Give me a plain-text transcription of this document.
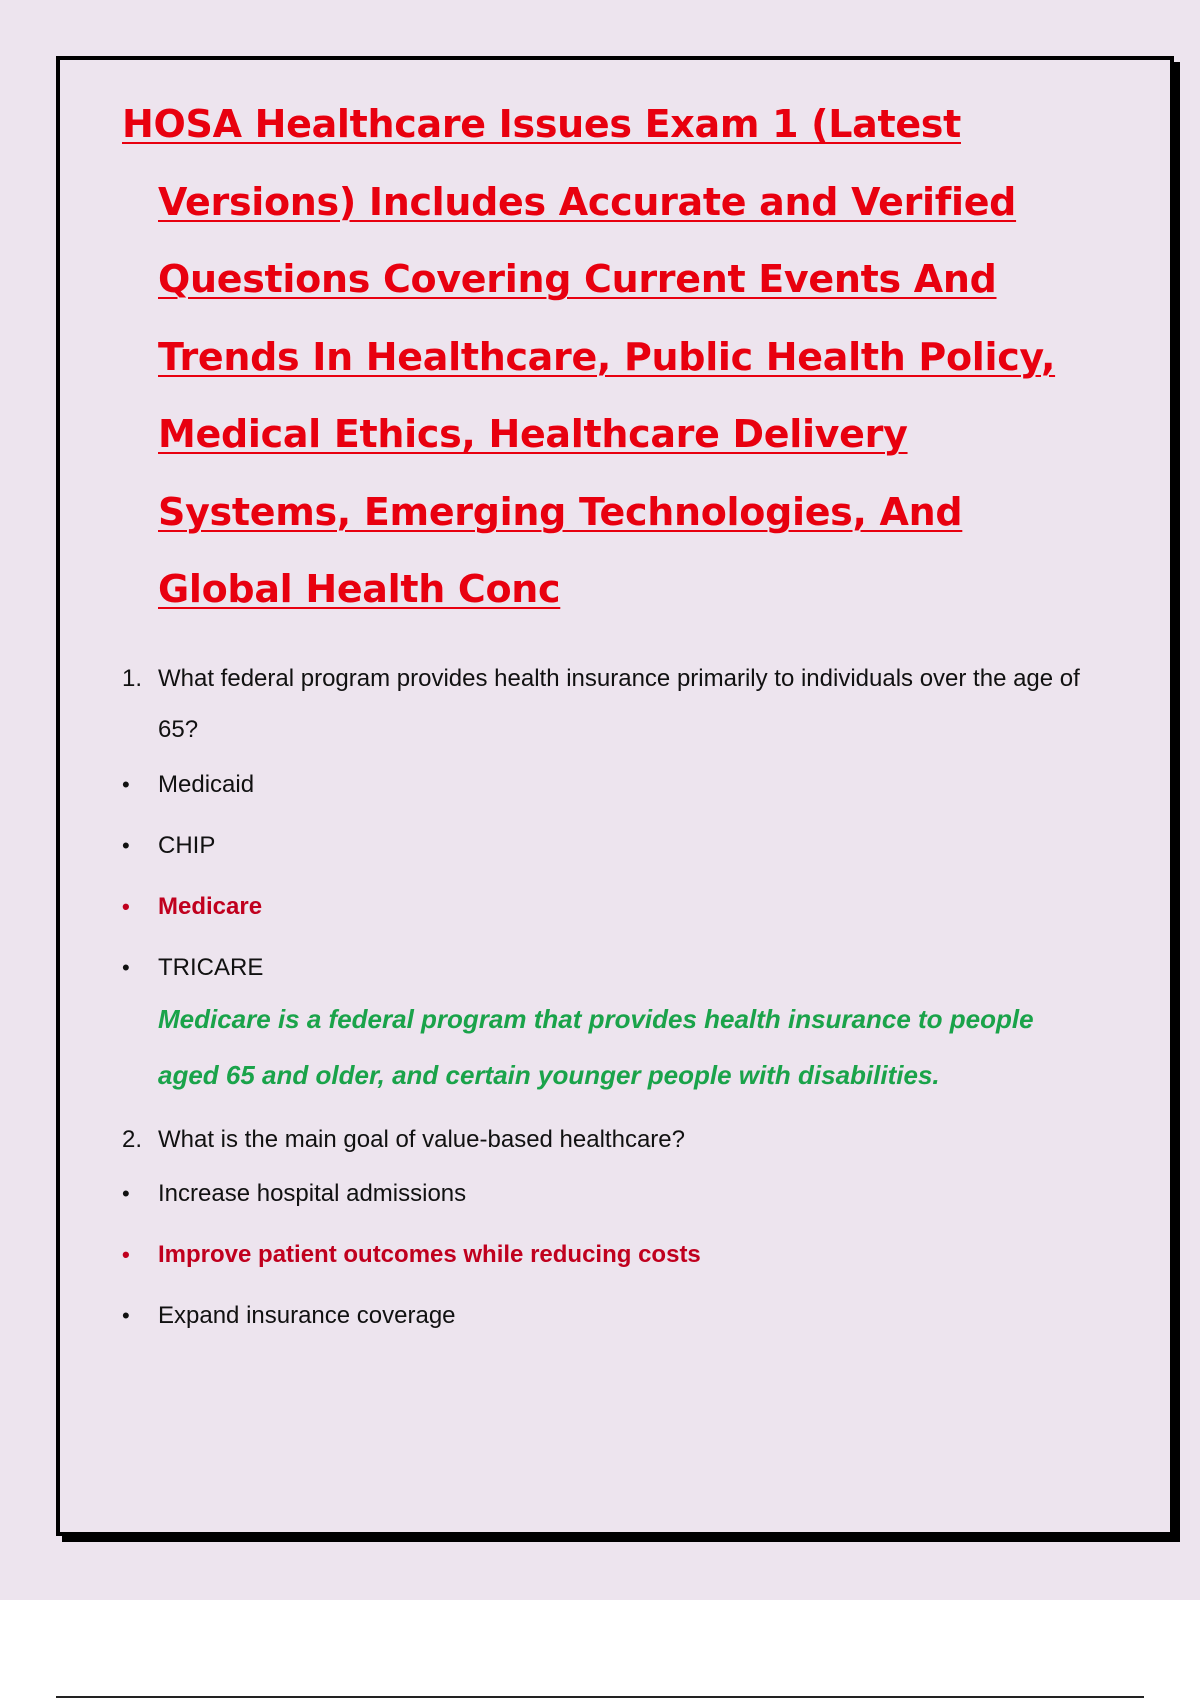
HOSA Healthcare Issues Exam 1 (Latest Versions) Includes Accurate and Verified Questions Covering Current Events And Trends In Healthcare, Public Health Policy, Medical Ethics, Healthcare Delivery Systems, Emerging Technologies, And Global Health Conc
1. What federal program provides health insurance primarily to individuals over the age of 65?
•	Medicaid
•	CHIP
•	Medicare
•	TRICARE
Medicare is a federal program that provides health insurance to people aged 65 and older, and certain younger people with disabilities.
2. What is the main goal of value-based healthcare?
•	Increase hospital admissions
•	Improve patient outcomes while reducing costs
•	Expand insurance coverage
